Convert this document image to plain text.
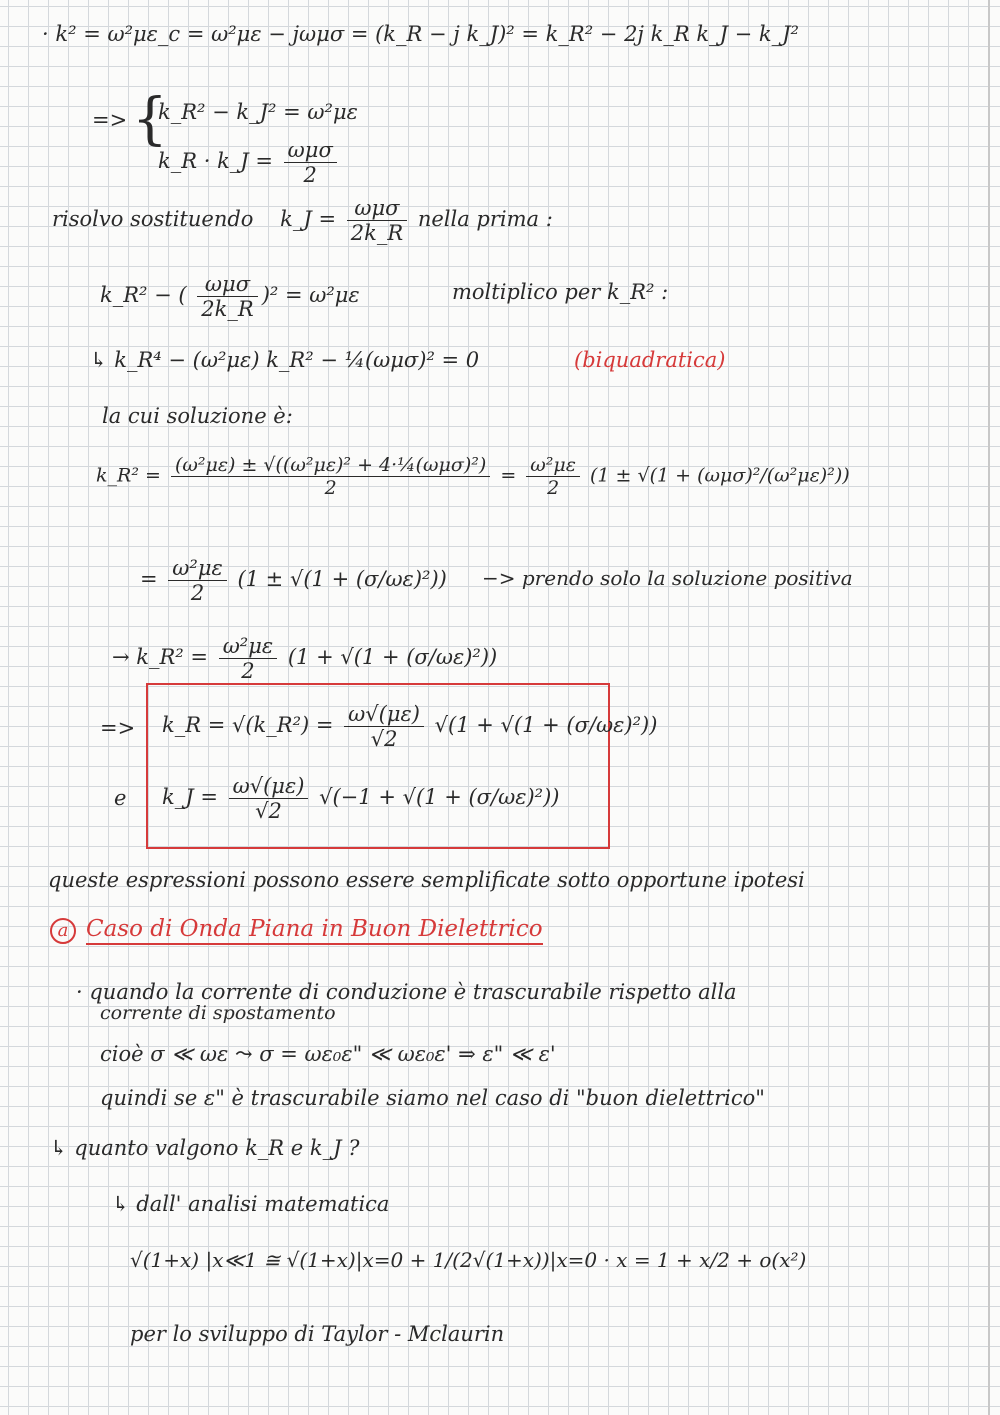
· k² = ω²με_c = ω²με − jωμσ = (k_R − j k_J)² = k_R² − 2j k_R k_J − k_J²
=> {
k_R² − k_J² = ω²με
k_R · k_J = $\frac{\text{ωμσ}}{2}$
risolvo sostituendo k_J = $\frac{\text{ωμσ}}{2k\_R}$ nella prima :
k_R² − ( $\frac{\text{ωμσ}}{2k\_R} )^2 = \omega^2\mu\varepsilon$	moltiplico per k_R² :
↳ k_R⁴ − (ω²με) k_R² − ¼(ωμσ)² = 0	(biquadratica)
la cui soluzione è:
k_R² = $\frac{\text{(ω²με) ± √((ω²με)² + 4·¼(ωμσ)²)}}{2} = \frac{\text{ω²με}}{2} (1 \pm √(1 + (\omega\mu\sigma)^2/(\omega^2\mu\varepsilon)^2))$
= $\frac{\text{ω²με}}{2} (1 \pm √(1 + (\sigma/\omega\varepsilon)^2))$ −> prendo solo la soluzione positiva
→ k_R² = $\frac{\text{ω²με}}{2} (1 + √(1 + (\sigma/\omega\varepsilon)^2))$
=> k_R = √(k_R²) = $\frac{\omega√(\mu\varepsilon)}{√2} √(1 + √(1 + (\sigma/\omega\varepsilon)^2))$
e k_J = $\frac{\omega√(\mu\varepsilon)}{√2} √(-1 + √(1 + (\sigma/\omega\varepsilon)^2))$
queste espressioni possono essere semplificate sotto opportune ipotesi
a Caso di Onda Piana in Buon Dielettrico
· quando la corrente di conduzione è trascurabile rispetto alla
corrente di spostamento
cioè σ ≪ ωε ⤳ σ = ωε₀ε" ≪ ωε₀ε' ⇒ ε" ≪ ε'
quindi se ε" è trascurabile siamo nel caso di "buon dielettrico"
↳ quanto valgono k_R e k_J ?
↳ dall' analisi matematica
√(1+x) |x≪1 ≅ √(1+x)|x=0 + 1/(2√(1+x))|x=0 · x = 1 + x/2 + o(x²)
per lo sviluppo di Taylor - Mclaurin
